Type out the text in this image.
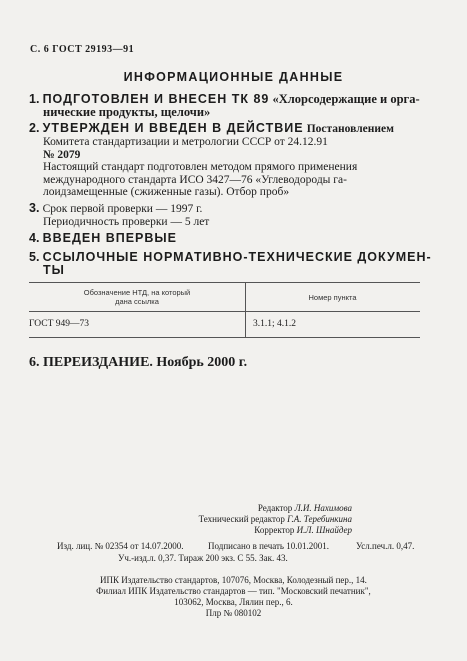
С. 6 ГОСТ 29193—91
ИНФОРМАЦИОННЫЕ ДАННЫЕ
1. ПОДГОТОВЛЕН И ВНЕСЕН ТК 89 «Хлорсодержащие и орга-
нические продукты, щелочи»
2. УТВЕРЖДЕН И ВВЕДЕН В ДЕЙСТВИЕ Постановлением
Комитета стандартизации и метрологии СССР от 24.12.91
№ 2079
Настоящий стандарт подготовлен методом прямого применения
международного стандарта ИСО 3427—76 «Углеводороды га-
лоидзамещенные (сжиженные газы). Отбор проб»
3. Срок первой проверки — 1997 г.
Периодичность проверки — 5 лет
4. ВВЕДЕН ВПЕРВЫЕ
5. ССЫЛОЧНЫЕ НОРМАТИВНО-ТЕХНИЧЕСКИЕ ДОКУМЕН-
ТЫ
Обозначение НТД, на который
дана ссылка	Номер пункта
ГОСТ 949—73	3.1.1; 4.1.2
6. ПЕРЕИЗДАНИЕ. Ноябрь 2000 г.
Редактор Л.И. Нахимова
Технический редактор Г.А. Теребинкина
Корректор И.Л. Шнайдер
Изд. лиц. № 02354 от 14.07.2000.	Подписано в печать 10.01.2001.	Усл.печ.л. 0,47.
Уч.-изд.л. 0,37. Тираж 200 экз. С 55. Зак. 43.
ИПК Издательство стандартов, 107076, Москва, Колодезный пер., 14.
Филиал ИПК Издательство стандартов — тип. "Московский печатник",
103062, Москва, Лялин пер., 6.
Плр № 080102
